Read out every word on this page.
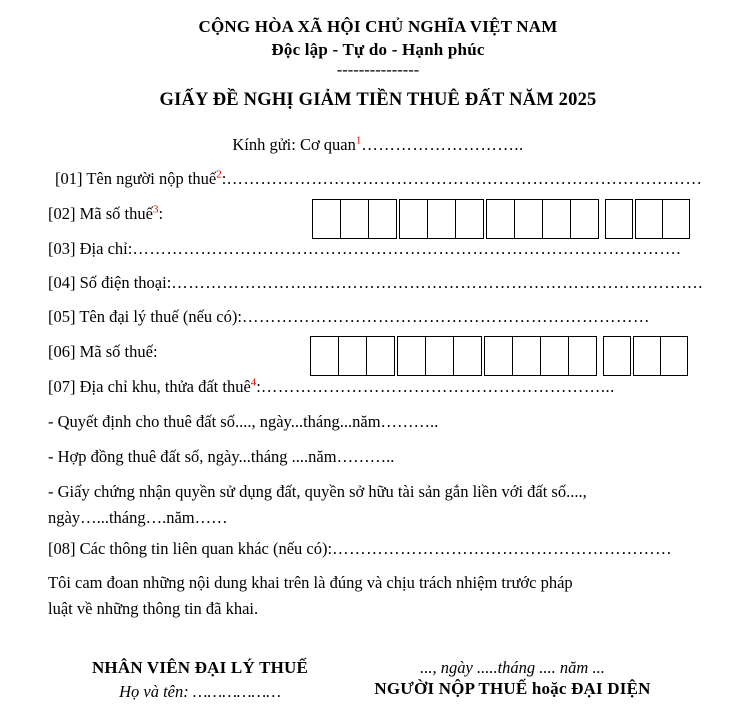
CỘNG HÒA XÃ HỘI CHỦ NGHĨA VIỆT NAM
Độc lập - Tự do - Hạnh phúc
---------------
GIẤY ĐỀ NGHỊ GIẢM TIỀN THUÊ ĐẤT NĂM 2025
Kính gửi: Cơ quan$^1$………………………..
[01] Tên người nộp thuế$^2$:…………………………………………………………………………
[02] Mã số thuế$^3$:
[03] Địa chỉ:…………………………………………………………………………………….
[04] Số điện thoại:………………………………………………………………………………….
[05] Tên đại lý thuế (nếu có):………………………………………………………………
[06] Mã số thuế:
[07] Địa chỉ khu, thửa đất thuê$^4$:……………………………………………………...
- Quyết định cho thuê đất số...., ngày...tháng...năm………..
- Hợp đồng thuê đất số, ngày...tháng ....năm………..
- Giấy chứng nhận quyền sử dụng đất, quyền sở hữu tài sản gắn liền với đất số....,
ngày…...tháng….năm……
[08] Các thông tin liên quan khác (nếu có):……………………………………………………
Tôi cam đoan những nội dung khai trên là đúng và chịu trách nhiệm trước pháp
luật về những thông tin đã khai.
NHÂN VIÊN ĐẠI LÝ THUẾ
Họ và tên: ………………
..., ngày .....tháng .... năm ...
NGƯỜI NỘP THUẾ hoặc ĐẠI DIỆN
